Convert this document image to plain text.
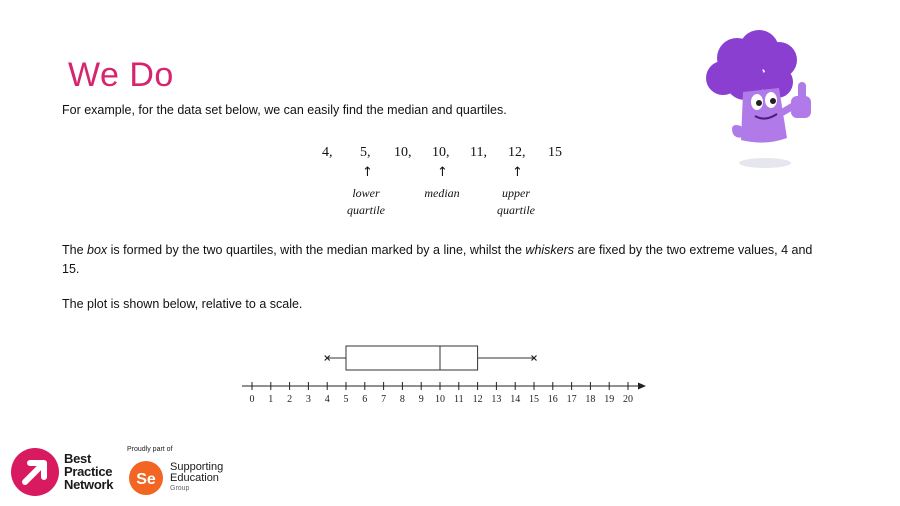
We Do

For example, for the data set below, we can easily find the median and quartiles.

4, 5, 10, 10, 11, 12, 15
↑	↑	↑
lower
quartile
median	upper
quartile

The box is formed by the two quartiles, with the median marked by a line, whilst the whiskers are fixed by the two extreme values, 4 and 15.

The plot is shown below, relative to a scale.

0 1 2 3 4 5 6 7 8 9 10 11 12 13 14 15 16 17 18 19 20
Best
Practice
Network
Proudly part of
Se
Supporting
Education
Group
